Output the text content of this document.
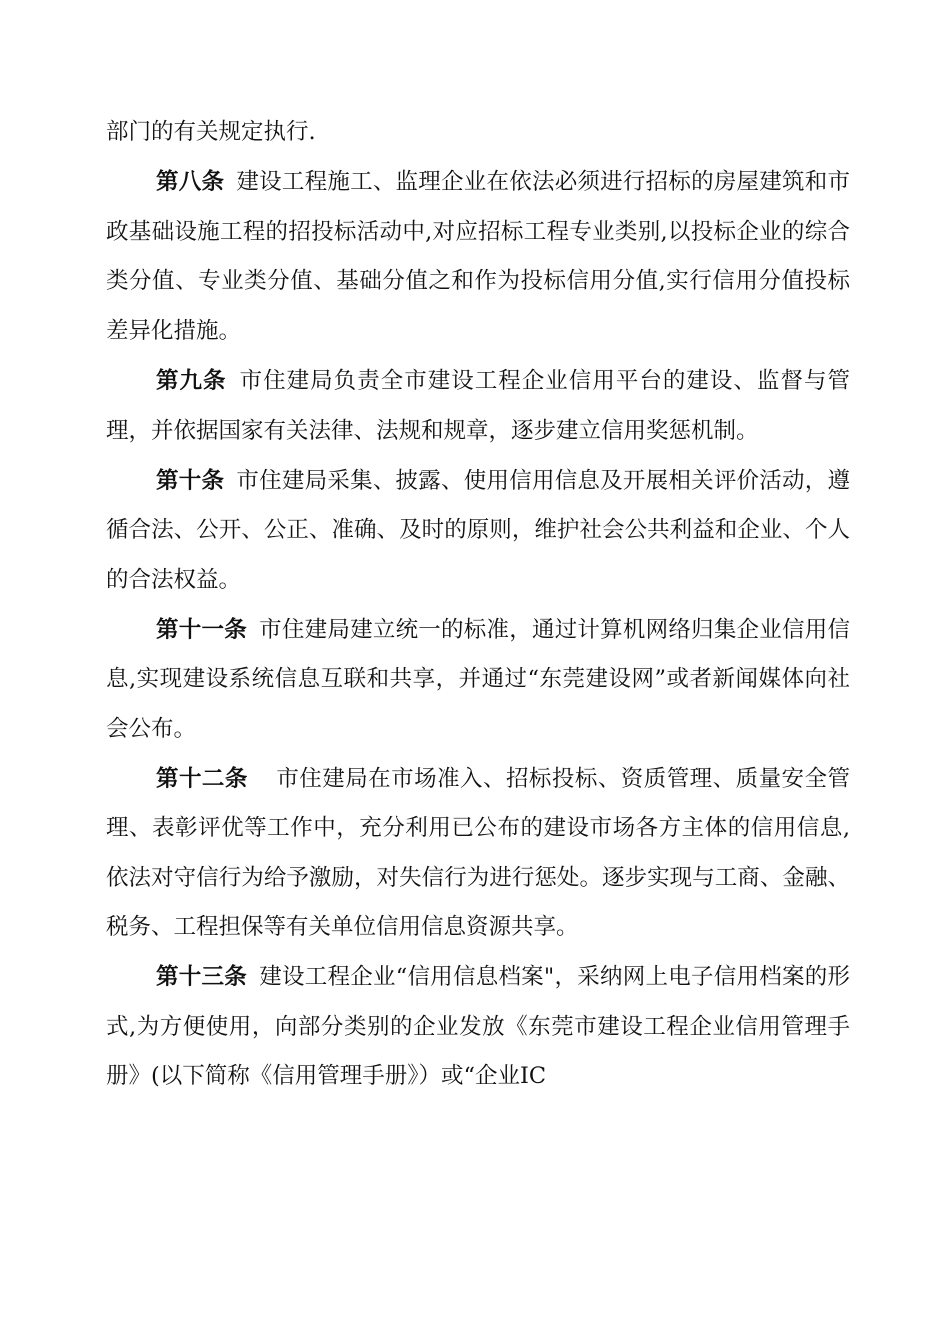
部门的有关规定执行.

第八条 建设工程施工、监理企业在依法必须进行招标的房屋建筑和市政基础设施工程的招投标活动中,对应招标工程专业类别,以投标企业的综合类分值、专业类分值、基础分值之和作为投标信用分值,实行信用分值投标差异化措施。

第九条 市住建局负责全市建设工程企业信用平台的建设、监督与管理，并依据国家有关法律、法规和规章，逐步建立信用奖惩机制。

第十条 市住建局采集、披露、使用信用信息及开展相关评价活动，遵循合法、公开、公正、准确、及时的原则，维护社会公共利益和企业、个人的合法权益。

第十一条 市住建局建立统一的标准，通过计算机网络归集企业信用信息,实现建设系统信息互联和共享，并通过“东莞建设网”或者新闻媒体向社会公布。

第十二条 市住建局在市场准入、招标投标、资质管理、质量安全管理、表彰评优等工作中，充分利用已公布的建设市场各方主体的信用信息,依法对守信行为给予激励，对失信行为进行惩处。逐步实现与工商、金融、税务、工程担保等有关单位信用信息资源共享。

第十三条 建设工程企业“信用信息档案"，采纳网上电子信用档案的形式,为方便使用，向部分类别的企业发放《东莞市建设工程企业信用管理手册》(以下简称《信用管理手册》）或“企业IC
